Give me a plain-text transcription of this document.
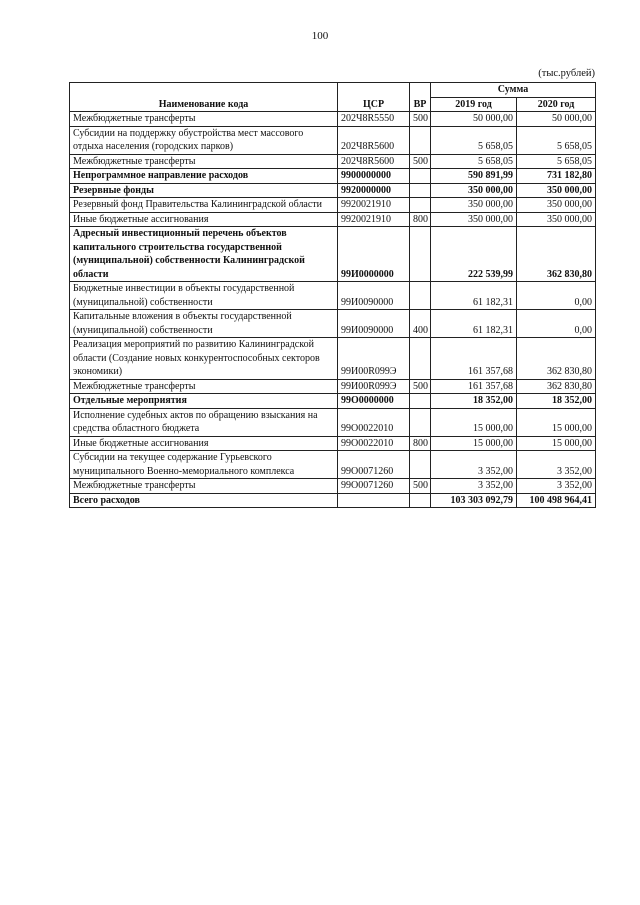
100
(тыс.рублей)
Наименование кода	ЦСР	ВР	Сумма	
			2019 год	2020 год
Межбюджетные трансферты	202Ч8R5550	500	50 000,00	50 000,00
Субсидии на поддержку обустройства мест массового отдыха населения (городских парков)	202Ч8R5600		5 658,05	5 658,05
Межбюджетные трансферты	202Ч8R5600	500	5 658,05	5 658,05
Непрограммное направление расходов	9900000000		590 891,99	731 182,80
Резервные фонды	9920000000		350 000,00	350 000,00
Резервный фонд Правительства Калининградской области	9920021910		350 000,00	350 000,00
Иные бюджетные ассигнования	9920021910	800	350 000,00	350 000,00
Адресный инвестиционный перечень объектов капитального строительства государственной (муниципальной) собственности Калининградской области	99И0000000		222 539,99	362 830,80
Бюджетные инвестиции в объекты государственной (муниципальной) собственности	99И0090000		61 182,31	0,00
Капитальные вложения в объекты государственной (муниципальной) собственности	99И0090000	400	61 182,31	0,00
Реализация мероприятий по развитию Калининградской области (Создание новых конкурентоспособных секторов экономики)	99И00R099Э		161 357,68	362 830,80
Межбюджетные трансферты	99И00R099Э	500	161 357,68	362 830,80
Отдельные мероприятия	99О0000000		18 352,00	18 352,00
Исполнение судебных актов по обращению взыскания на средства областного бюджета	99О0022010		15 000,00	15 000,00
Иные бюджетные ассигнования	99О0022010	800	15 000,00	15 000,00
Субсидии на текущее содержание Гурьевского муниципального Военно-мемориального комплекса	99О0071260		3 352,00	3 352,00
Межбюджетные трансферты	99О0071260	500	3 352,00	3 352,00
Всего расходов			103 303 092,79	100 498 964,41
